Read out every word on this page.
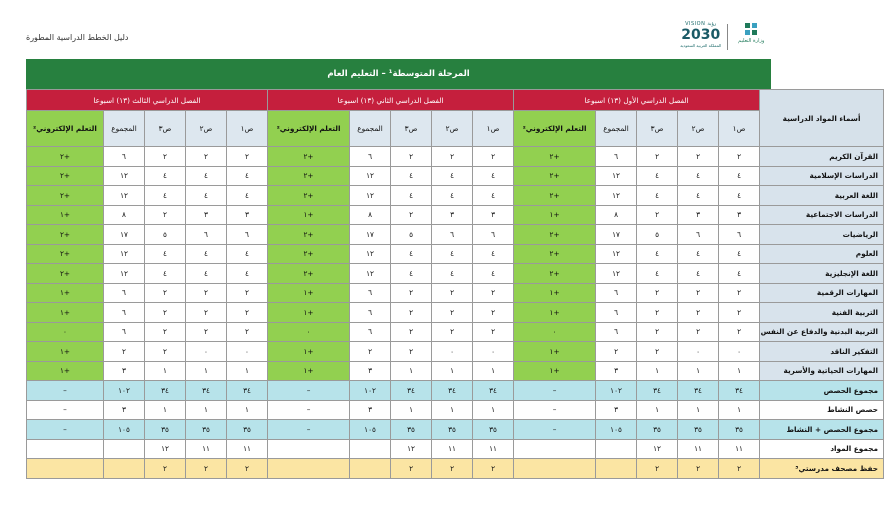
دليل الخطط الدراسية المطورة
VISION رؤية
2030
المملكة العربية السعودية
وزارة التعليم
المرحلة المتوسطة¹ – التعليم العام
أسماء المواد الدراسية	الفصل الدراسي الأول (١٣) اسبوعا					الفصل الدراسي الثاني (١٣) اسبوعا					الفصل الدراسي الثالث (١٣) اسبوعا				
	ص١	ص٢	ص٣	المجموع	التعلم الإلكتروني²	ص١	ص٢	ص٣	المجموع	التعلم الإلكتروني²	ص١	ص٢	ص٣	المجموع	التعلم الإلكتروني²
القرآن الكريم	٢	٢	٢	٦	+٢	٢	٢	٢	٦	+٢	٢	٢	٢	٦	+٢
الدراسات الإسلامية	٤	٤	٤	١٢	+٢	٤	٤	٤	١٢	+٢	٤	٤	٤	١٢	+٢
اللغة العربية	٤	٤	٤	١٢	+٢	٤	٤	٤	١٢	+٢	٤	٤	٤	١٢	+٢
الدراسات الاجتماعية	٣	٣	٢	٨	+١	٣	٣	٢	٨	+١	٣	٣	٢	٨	+١
الرياضيات	٦	٦	٥	١٧	+٢	٦	٦	٥	١٧	+٢	٦	٦	٥	١٧	+٢
العلوم	٤	٤	٤	١٢	+٢	٤	٤	٤	١٢	+٢	٤	٤	٤	١٢	+٢
اللغة الإنجليزية	٤	٤	٤	١٢	+٢	٤	٤	٤	١٢	+٢	٤	٤	٤	١٢	+٢
المهارات الرقمية	٢	٢	٢	٦	+١	٢	٢	٢	٦	+١	٢	٢	٢	٦	+١
التربية الفنية	٢	٢	٢	٦	+١	٢	٢	٢	٦	+١	٢	٢	٢	٦	+١
التربية البدنية والدفاع عن النفس	٢	٢	٢	٦	٠	٢	٢	٢	٦	٠	٢	٢	٢	٦	٠
التفكير الناقد	٠	٠	٢	٢	+١	٠	٠	٢	٢	+١	٠	٠	٢	٢	+١
المهارات الحياتية والأسرية	١	١	١	٣	+١	١	١	١	٣	+١	١	١	١	٣	+١
مجموع الحصص	٣٤	٣٤	٣٤	١٠٢	–	٣٤	٣٤	٣٤	١٠٢	–	٣٤	٣٤	٣٤	١٠٢	–
حصص النشاط	١	١	١	٣	–	١	١	١	٣	–	١	١	١	٣	–
مجموع الحصص + النشاط	٣٥	٣٥	٣٥	١٠٥	–	٣٥	٣٥	٣٥	١٠٥	–	٣٥	٣٥	٣٥	١٠٥	–
مجموع المواد	١١	١١	١٢			١١	١١	١٢			١١	١١	١٢		
حفظ مصحف مدرستي³	٢	٢	٢			٢	٢	٢			٢	٢	٢		
